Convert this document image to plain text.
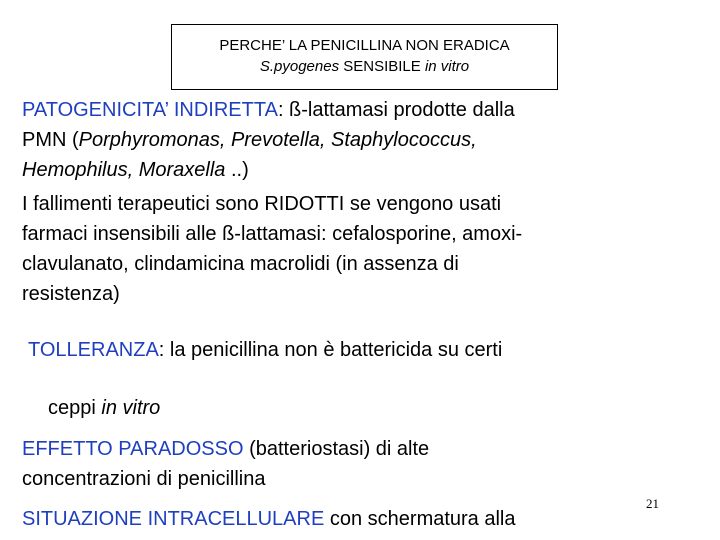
PERCHE’ LA PENICILLINA NON ERADICA
S.pyogenes SENSIBILE in vitro
PATOGENICITA’ INDIRETTA: ß-lattamasi prodotte dalla
PMN (Porphyromonas, Prevotella, Staphylococcus,
Hemophilus, Moraxella ..)
I fallimenti terapeutici sono RIDOTTI se vengono usati
farmaci insensibili alle ß-lattamasi: cefalosporine, amoxi-
clavulanato, clindamicina macrolidi (in assenza di
resistenza)
TOLLERANZA: la penicillina non è battericida su certi
ceppi in vitro
EFFETTO PARADOSSO (batteriostasi) di alte
concentrazioni di penicillina
SITUAZIONE INTRACELLULARE con schermatura alla
21
